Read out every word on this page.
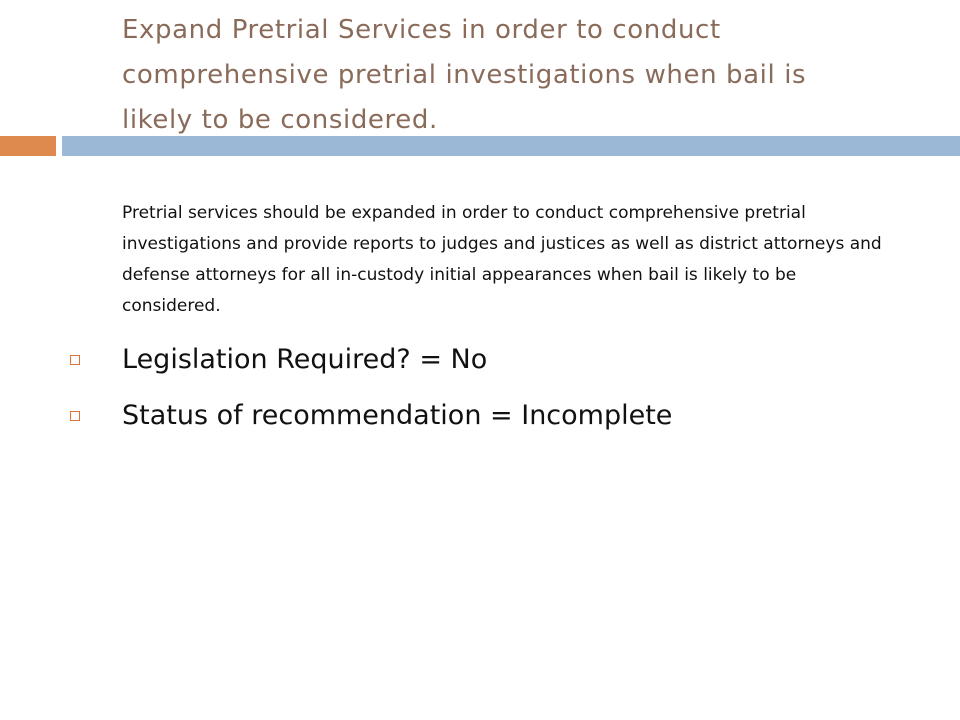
Expand Pretrial Services in order to conduct comprehensive pretrial investigations when bail is likely to be considered.

Pretrial services should be expanded in order to conduct comprehensive pretrial investigations and provide reports to judges and justices as well as district attorneys and defense attorneys for all in-custody initial appearances when bail is likely to be considered.

Legislation Required? = No
Status of recommendation = Incomplete
